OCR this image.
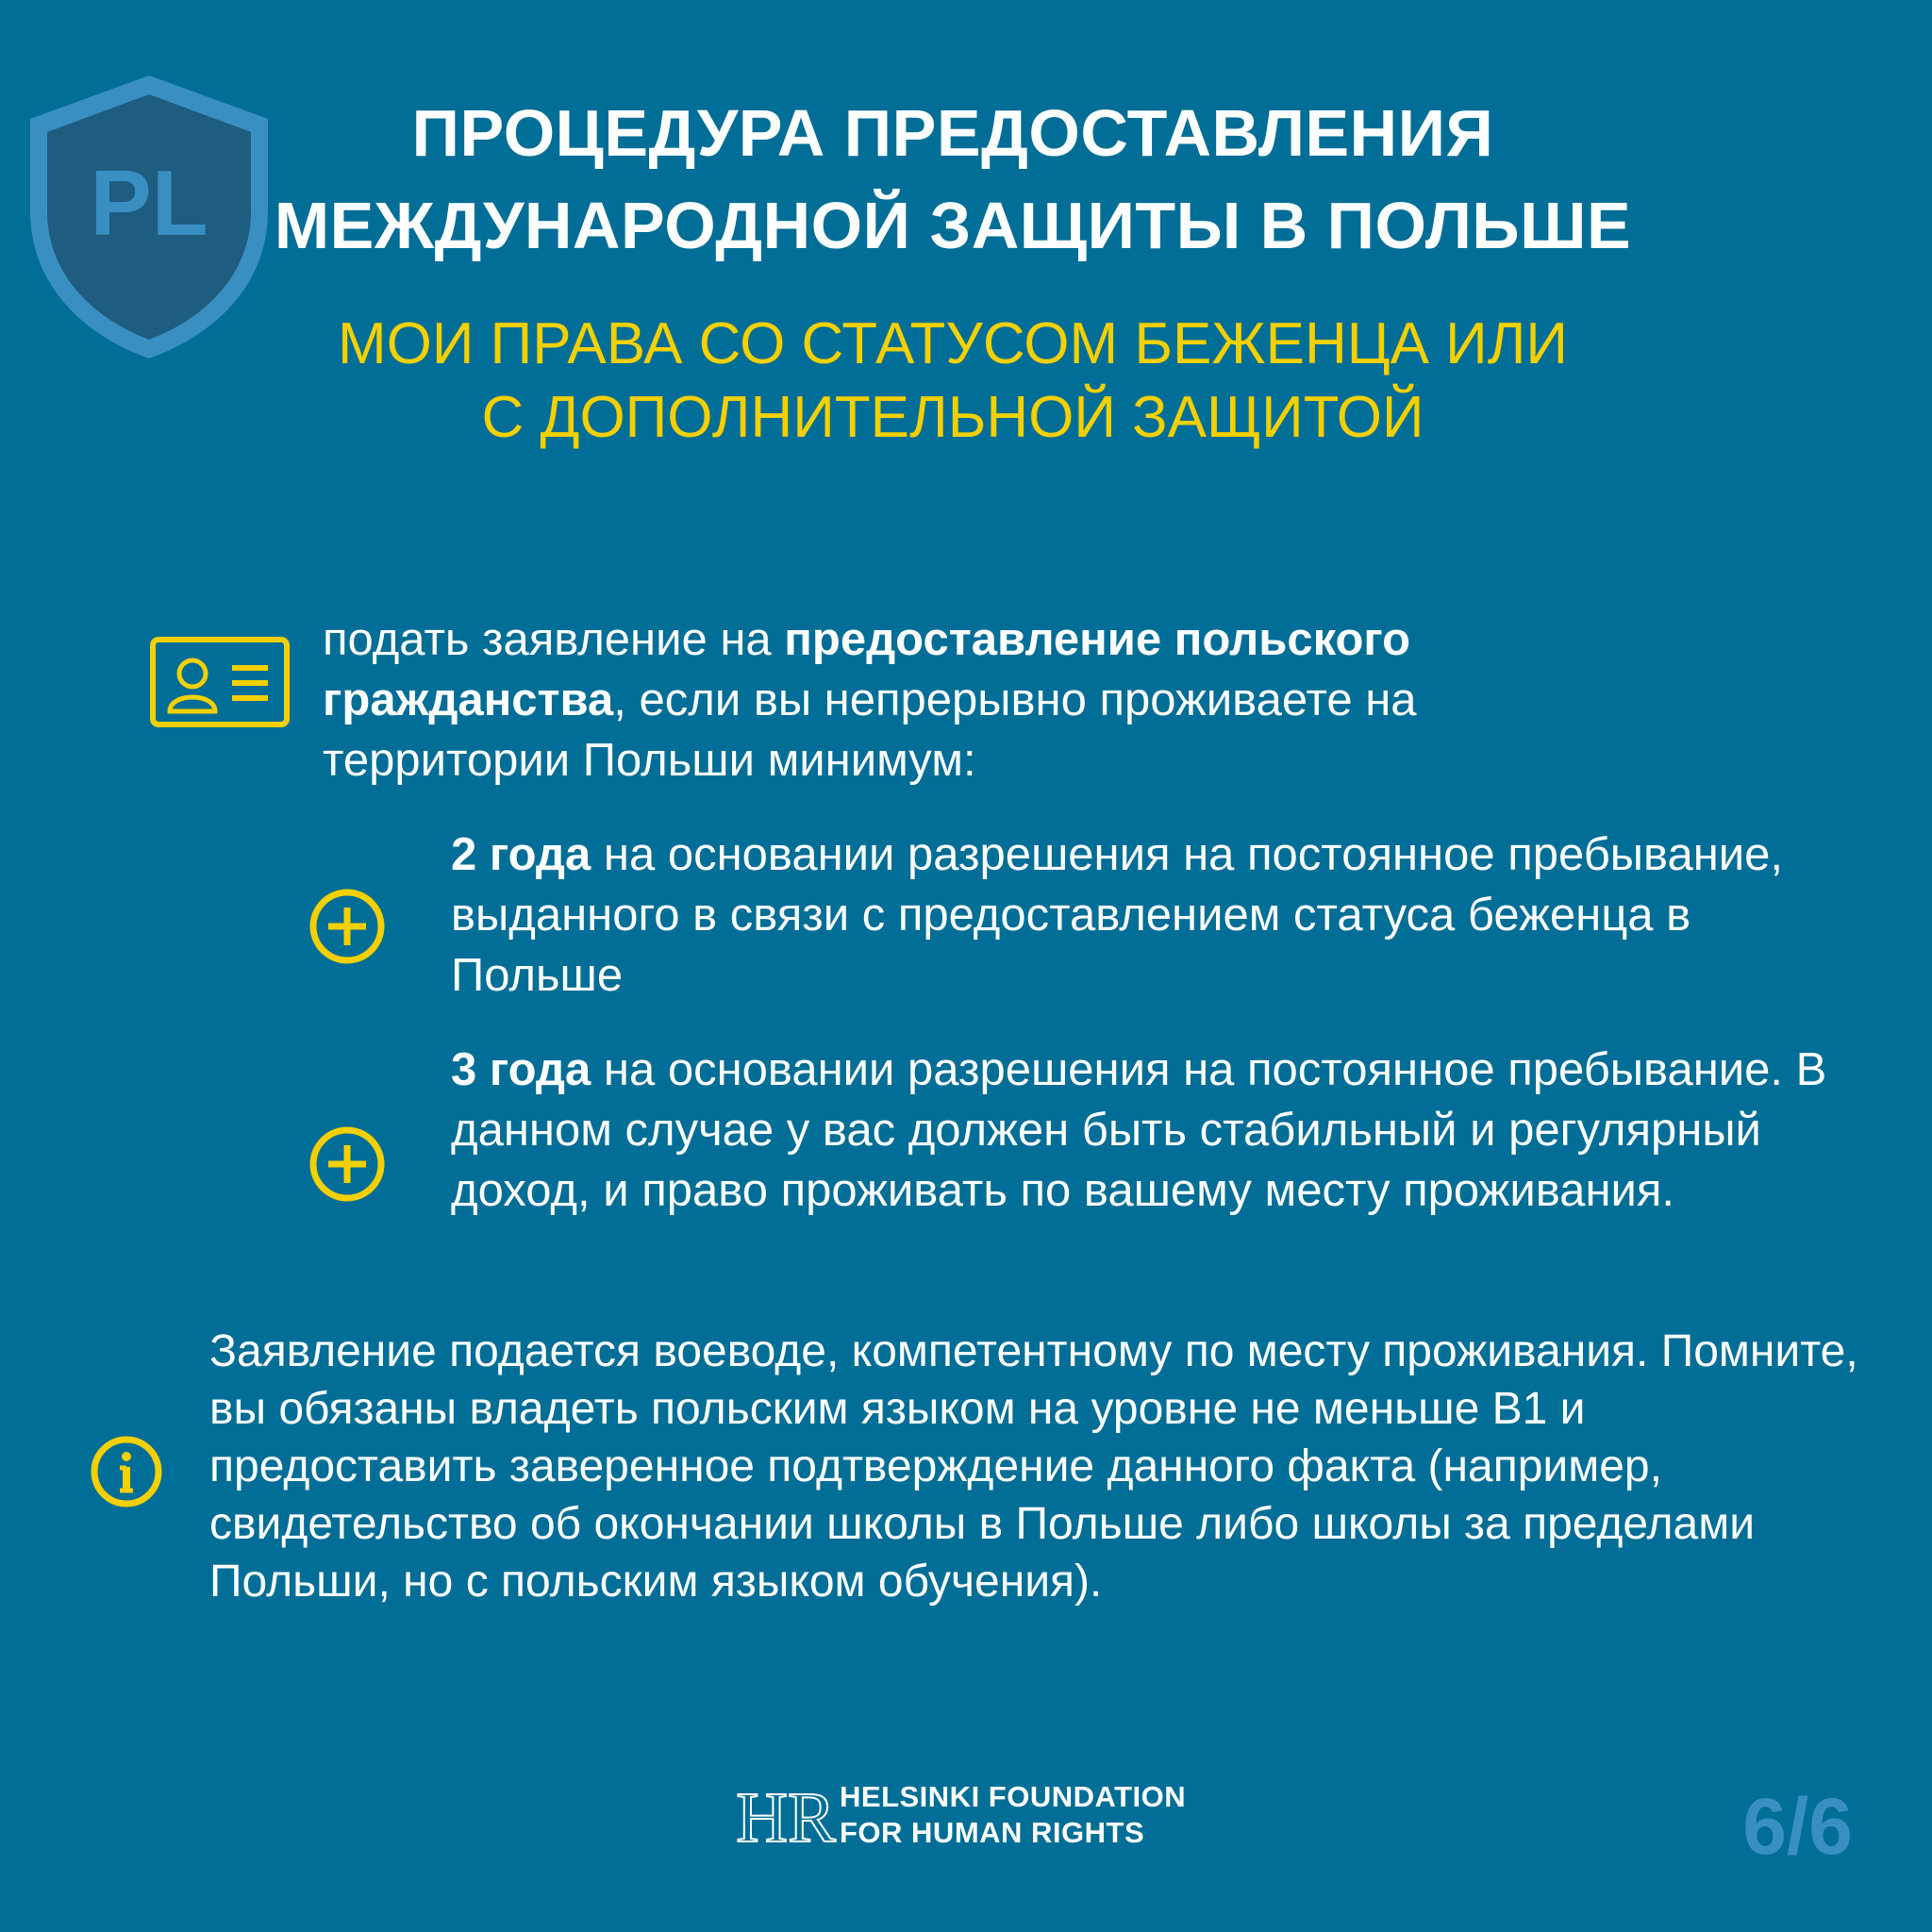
PL
ПРОЦЕДУРА ПРЕДОСТАВЛЕНИЯ
МЕЖДУНАРОДНОЙ ЗАЩИТЫ В ПОЛЬШЕ
МОИ ПРАВА СО СТАТУСОМ БЕЖЕНЦА ИЛИ
С ДОПОЛНИТЕЛЬНОЙ ЗАЩИТОЙ
подать заявление на предоставление польского гражданства, если вы непрерывно проживаете на территории Польши минимум:
2 года на основании разрешения на постоянное пребывание, выданного в связи с предоставлением статуса беженца в Польше
3 года на основании разрешения на постоянное пребывание. В данном случае у вас должен быть стабильный и регулярный доход, и право проживать по вашему месту проживания.
Заявление подается воеводе, компетентному по месту проживания. Помните, вы обязаны владеть польским языком на уровне не меньше В1 и предоставить заверенное подтверждение данного факта (например, свидетельство об окончании школы в Польше либо школы за пределами Польши, но с польским языком обучения).
HR HELSINKI FOUNDATION
FOR HUMAN RIGHTS	6/6
